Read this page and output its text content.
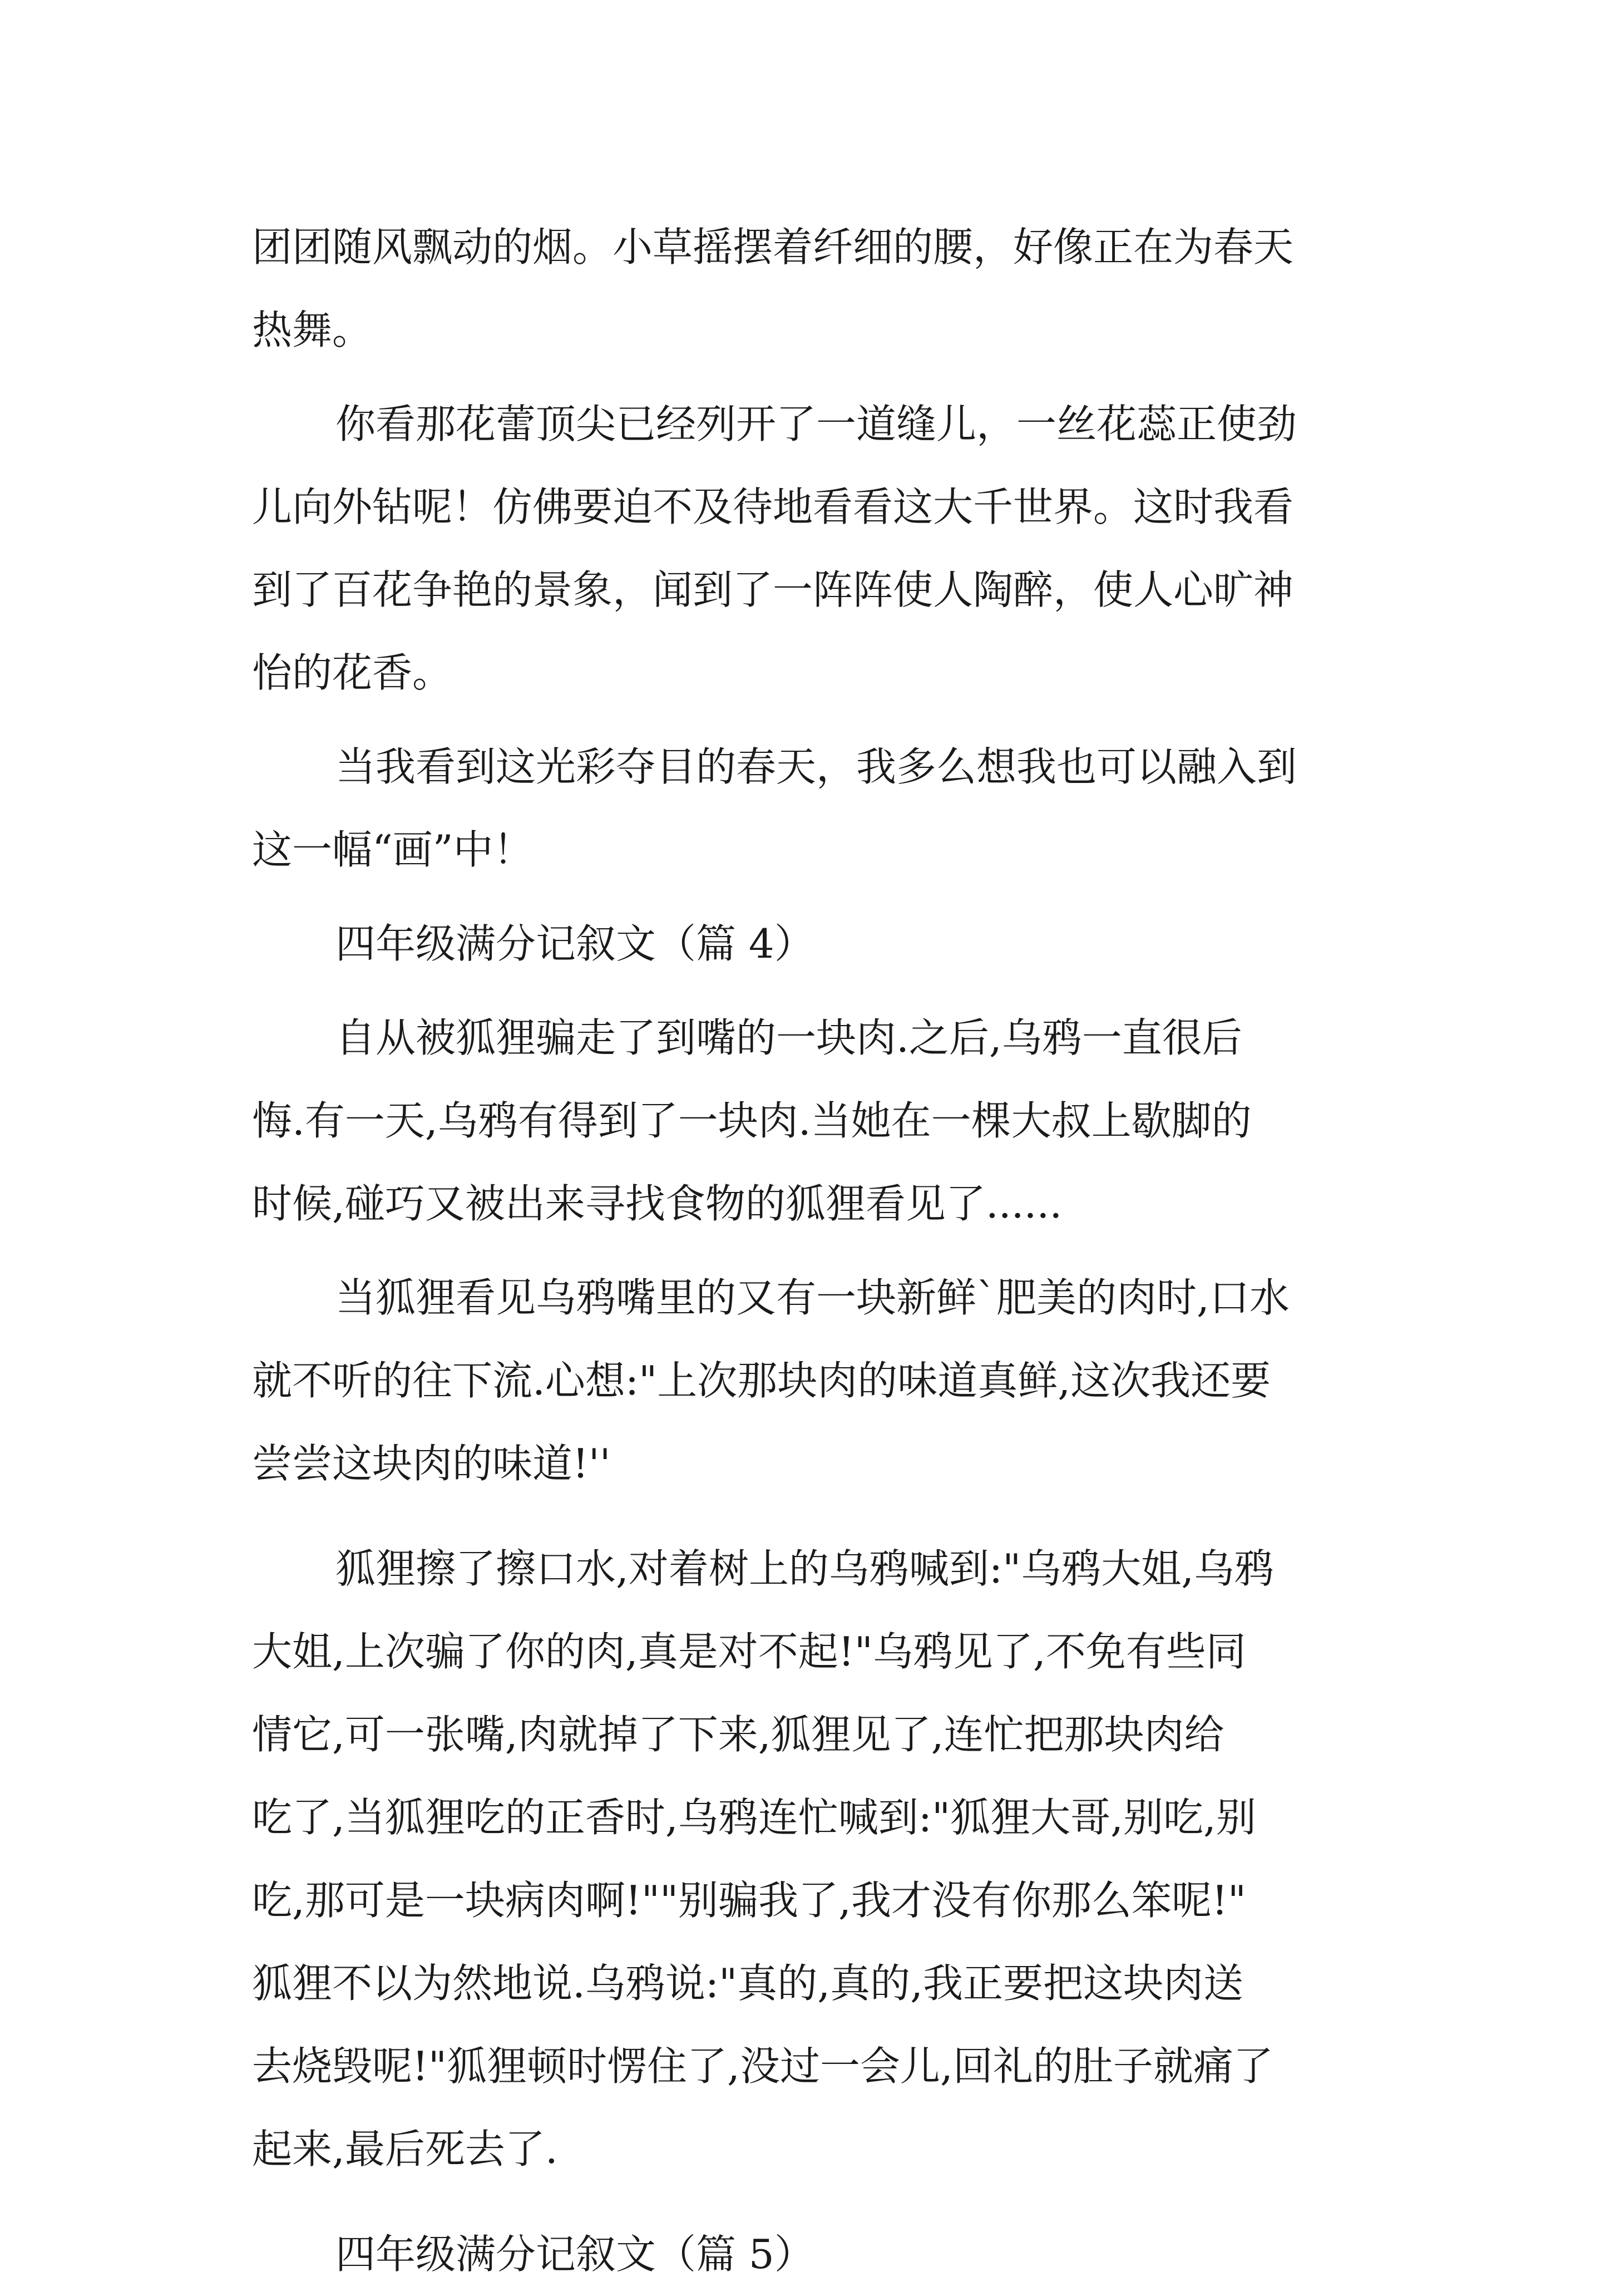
团团随风飘动的烟。小草摇摆着纤细的腰，好像正在为春天
热舞。
你看那花蕾顶尖已经列开了一道缝儿，一丝花蕊正使劲
儿向外钻呢！仿佛要迫不及待地看看这大千世界。这时我看
到了百花争艳的景象，闻到了一阵阵使人陶醉，使人心旷神
怡的花香。
当我看到这光彩夺目的春天，我多么想我也可以融入到
这一幅“画”中！
四年级满分记叙文（篇 4）
自从被狐狸骗走了到嘴的一块肉.之后,乌鸦一直很后
悔.有一天,乌鸦有得到了一块肉.当她在一棵大叔上歇脚的
时候,碰巧又被出来寻找食物的狐狸看见了......
当狐狸看见乌鸦嘴里的又有一块新鲜`肥美的肉时,口水
就不听的往下流.心想:"上次那块肉的味道真鲜,这次我还要
尝尝这块肉的味道!''
狐狸擦了擦口水,对着树上的乌鸦喊到:"乌鸦大姐,乌鸦
大姐,上次骗了你的肉,真是对不起!"乌鸦见了,不免有些同
情它,可一张嘴,肉就掉了下来,狐狸见了,连忙把那块肉给
吃了,当狐狸吃的正香时,乌鸦连忙喊到:"狐狸大哥,别吃,别
吃,那可是一块病肉啊!""别骗我了,我才没有你那么笨呢!"
狐狸不以为然地说.乌鸦说:"真的,真的,我正要把这块肉送
去烧毁呢!"狐狸顿时愣住了,没过一会儿,回礼的肚子就痛了
起来,最后死去了.
四年级满分记叙文（篇 5）
